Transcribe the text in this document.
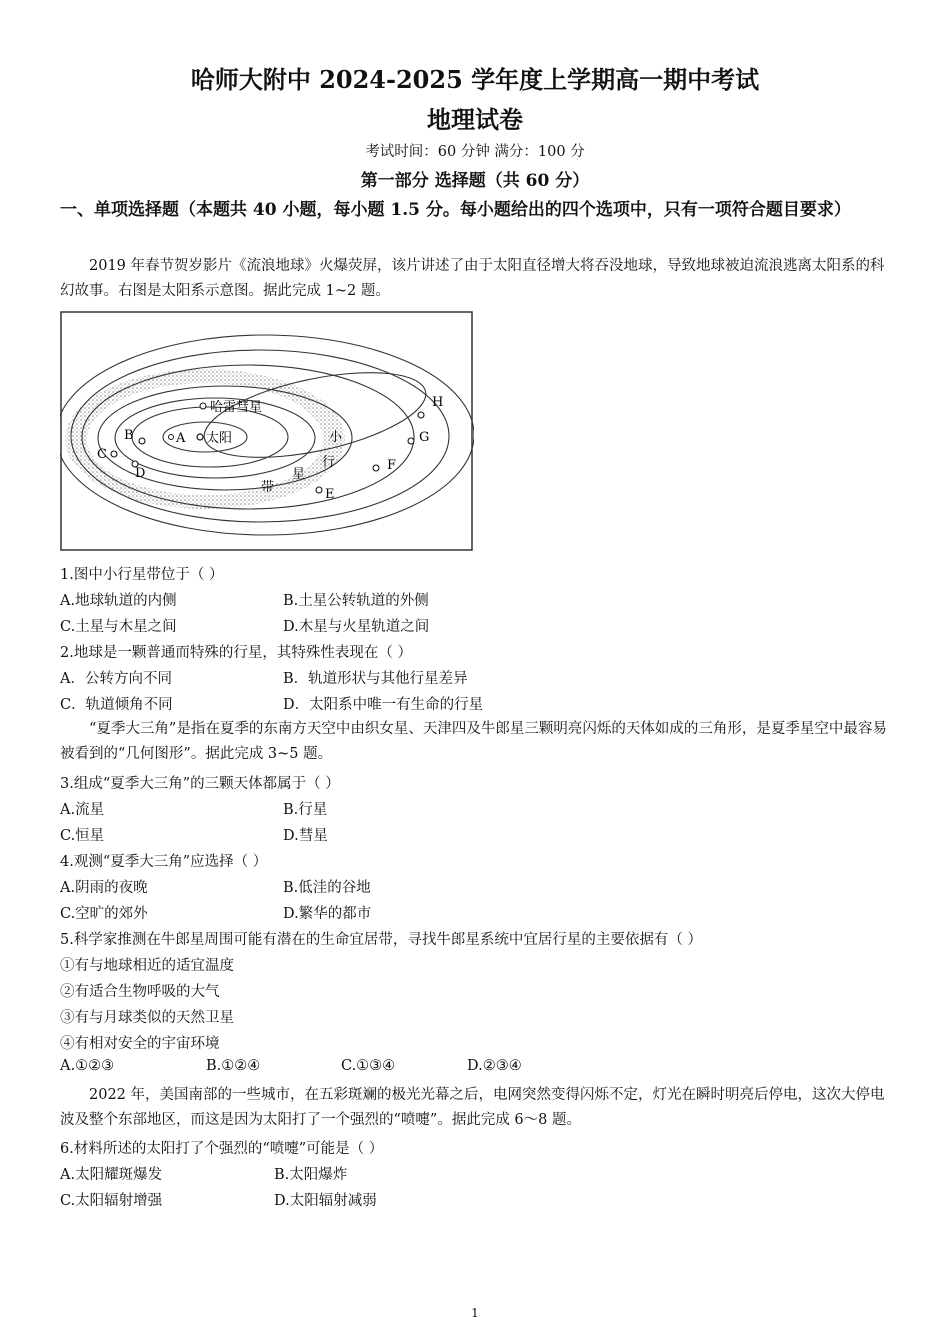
哈师大附中 2024-2025 学年度上学期高一期中考试
地理试卷
考试时间：60 分钟 满分：100 分
第一部分 选择题（共 60 分）
一、单项选择题（本题共 40 小题，每小题 1.5 分。每小题给出的四个选项中，只有一项符合题目要求）
2019 年春节贺岁影片《流浪地球》火爆荧屏，该片讲述了由于太阳直径增大将吞没地球，导致地球被迫流浪逃离太阳系的科幻故事。右图是太阳系示意图。据此完成 1~2 题。
太阳
A
哈雷彗星
B
C
D
E
F
G
H
小
行
星
带
1.图中小行星带位于（ ）
A.地球轨道的内侧	B.土星公转轨道的外侧
C.土星与木星之间	D.木星与火星轨道之间
2.地球是一颗普通而特殊的行星，其特殊性表现在（ ）
A．公转方向不同	B．轨道形状与其他行星差异
C．轨道倾角不同	D．太阳系中唯一有生命的行星
“夏季大三角”是指在夏季的东南方天空中由织女星、天津四及牛郎星三颗明亮闪烁的天体如成的三角形，是夏季星空中最容易被看到的“几何图形”。据此完成 3~5 题。
3.组成“夏季大三角”的三颗天体都属于（ ）
A.流星	B.行星
C.恒星	D.彗星
4.观测“夏季大三角”应选择（ ）
A.阴雨的夜晚	B.低洼的谷地
C.空旷的郊外	D.繁华的都市
5.科学家推测在牛郎星周围可能有潜在的生命宜居带，寻找牛郎星系统中宜居行星的主要依据有（ ）
①有与地球相近的适宜温度
②有适合生物呼吸的大气
③有与月球类似的天然卫星
④有相对安全的宇宙环境
A.①②③	B.①②④	C.①③④	D.②③④
2022 年，美国南部的一些城市，在五彩斑斓的极光光幕之后，电网突然变得闪烁不定，灯光在瞬时明亮后停电，这次大停电波及整个东部地区，而这是因为太阳打了一个强烈的“喷嚏”。据此完成 6～8 题。
6.材料所述的太阳打了个强烈的“喷嚏”可能是（ ）
A.太阳耀斑爆发	B.太阳爆炸
C.太阳辐射增强	D.太阳辐射减弱
1
